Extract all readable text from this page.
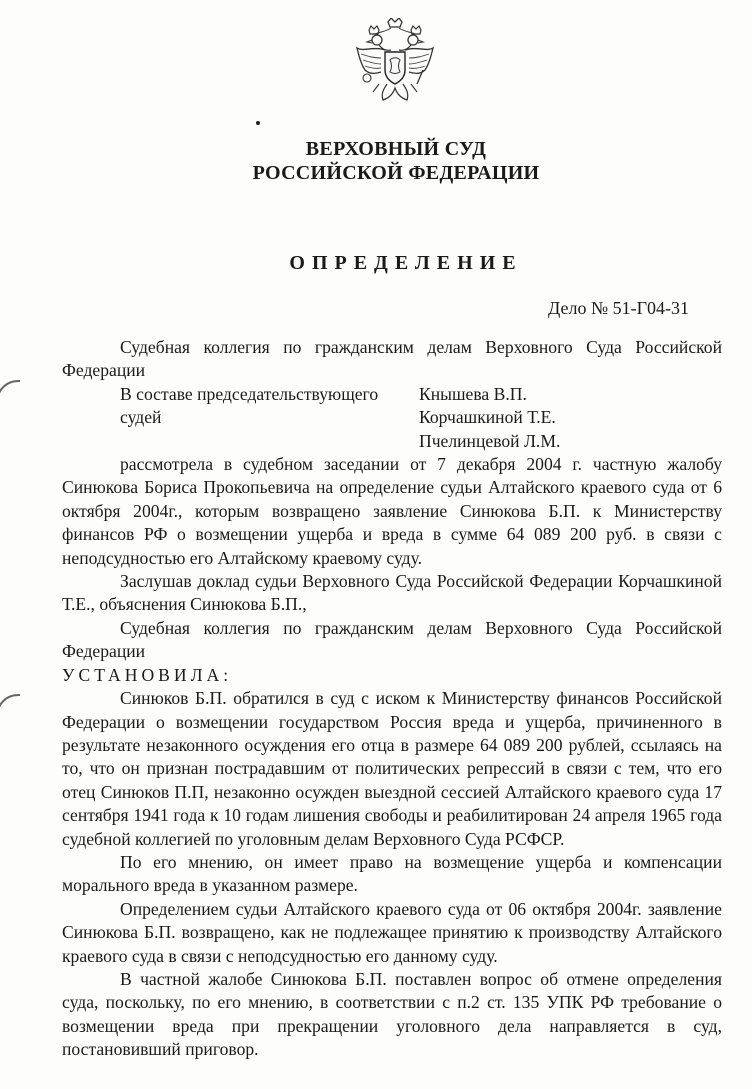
ВЕРХОВНЫЙ СУД
РОССИЙСКОЙ ФЕДЕРАЦИИ
ОПРЕДЕЛЕНИЕ
Дело № 51-Г04-31

Судебная коллегия по гражданским делам Верховного Суда Российской Федерации

В составе председательствующего	Кнышева В.П.
судей	Корчашкиной Т.Е.
Пчелинцевой Л.М.

рассмотрела в судебном заседании от 7 декабря 2004 г. частную жалобу Синюкова Бориса Прокопьевича на определение судьи Алтайского краевого суда от 6 октября 2004г., которым возвращено заявление Синюкова Б.П. к Министерству финансов РФ о возмещении ущерба и вреда в сумме 64 089 200 руб. в связи с неподсудностью его Алтайскому краевому суду.

Заслушав доклад судьи Верховного Суда Российской Федерации Корчашкиной Т.Е., объяснения Синюкова Б.П.,

Судебная коллегия по гражданским делам Верховного Суда Российской Федерации

УСТАНОВИЛА:

Синюков Б.П. обратился в суд с иском к Министерству финансов Российской Федерации о возмещении государством Россия вреда и ущерба, причиненного в результате незаконного осуждения его отца в размере 64 089 200 рублей, ссылаясь на то, что он признан пострадавшим от политических репрессий в связи с тем, что его отец Синюков П.П, незаконно осужден выездной сессией Алтайского краевого суда 17 сентября 1941 года к 10 годам лишения свободы и реабилитирован 24 апреля 1965 года судебной коллегией по уголовным делам Верховного Суда РСФСР.

По его мнению, он имеет право на возмещение ущерба и компенсации морального вреда в указанном размере.

Определением судьи Алтайского краевого суда от 06 октября 2004г. заявление Синюкова Б.П. возвращено, как не подлежащее принятию к производству Алтайского краевого суда в связи с неподсудностью его данному суду.

В частной жалобе Синюкова Б.П. поставлен вопрос об отмене определения суда, поскольку, по его мнению, в соответствии с п.2 ст. 135 УПК РФ требование о возмещении вреда при прекращении уголовного дела направляется в суд, постановивший приговор.
